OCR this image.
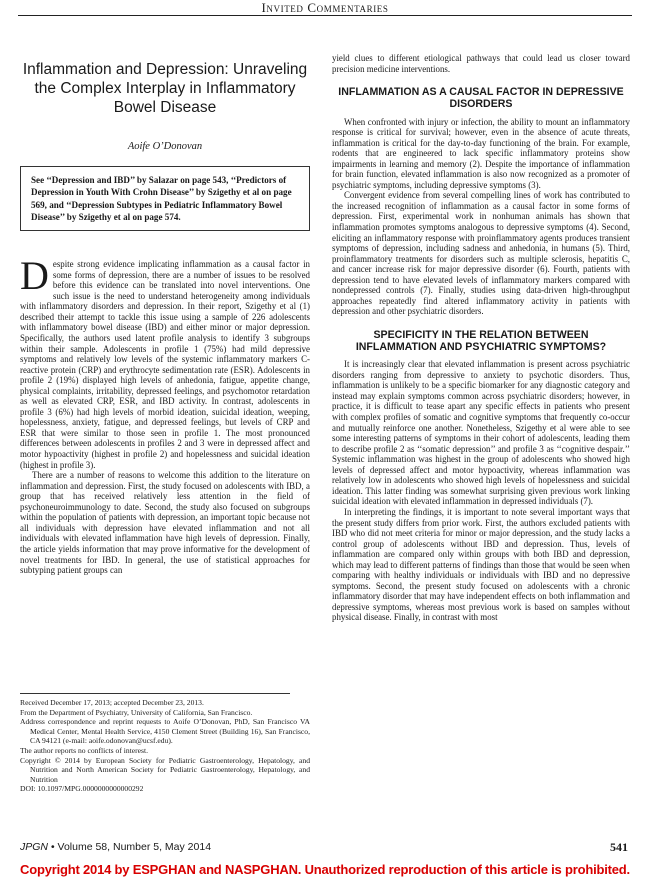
Invited Commentaries
Inflammation and Depression: Unraveling the Complex Interplay in Inflammatory Bowel Disease

Aoife O’Donovan

See ‘‘Depression and IBD’’ by Salazar on page 543, ‘‘Predictors of Depression in Youth With Crohn Disease’’ by Szigethy et al on page 569, and ‘‘Depression Subtypes in Pediatric Inflammatory Bowel Disease’’ by Szigethy et al on page 574.

Despite strong evidence implicating inflammation as a causal factor in some forms of depression, there are a number of issues to be resolved before this evidence can be translated into novel interventions. One such issue is the need to understand heterogeneity among individuals with inflammatory disorders and depression. In their report, Szigethy et al (1) described their attempt to tackle this issue using a sample of 226 adolescents with inflammatory bowel disease (IBD) and either minor or major depression. Specifically, the authors used latent profile analysis to identify 3 subgroups within their sample. Adolescents in profile 1 (75%) had mild depressive symptoms and relatively low levels of the systemic inflammatory markers C-reactive protein (CRP) and erythrocyte sedimentation rate (ESR). Adolescents in profile 2 (19%) displayed high levels of anhedonia, fatigue, appetite change, physical complaints, irritability, depressed feelings, and psychomotor retardation as well as elevated CRP, ESR, and IBD activity. In contrast, adolescents in profile 3 (6%) had high levels of morbid ideation, suicidal ideation, weeping, hopelessness, anxiety, fatigue, and depressed feelings, but levels of CRP and ESR that were similar to those seen in profile 1. The most pronounced differences between adolescents in profiles 2 and 3 were in depressed affect and motor hypoactivity (highest in profile 2) and hopelessness and suicidal ideation (highest in profile 3).

There are a number of reasons to welcome this addition to the literature on inflammation and depression. First, the study focused on adolescents with IBD, a group that has received relatively less attention in the field of psychoneuroimmunology to date. Second, the study also focused on subgroups within the population of patients with depression, an important topic because not all individuals with depression have elevated inflammation and not all individuals with elevated inflammation have high levels of depression. Finally, the article yields information that may prove informative for the development of novel treatments for IBD. In general, the use of statistical approaches for subtyping patient groups can

Received December 17, 2013; accepted December 23, 2013.

From the Department of Psychiatry, University of California, San Francisco.

Address correspondence and reprint requests to Aoife O’Donovan, PhD, San Francisco VA Medical Center, Mental Health Service, 4150 Clement Street (Building 16), San Francisco, CA 94121 (e-mail: aoife.odonovan@ucsf.edu).

The author reports no conflicts of interest.

Copyright © 2014 by European Society for Pediatric Gastroenterology, Hepatology, and Nutrition and North American Society for Pediatric Gastroenterology, Hepatology, and Nutrition

DOI: 10.1097/MPG.0000000000000292

yield clues to different etiological pathways that could lead us closer toward precision medicine interventions.

INFLAMMATION AS A CAUSAL FACTOR IN DEPRESSIVE DISORDERS

When confronted with injury or infection, the ability to mount an inflammatory response is critical for survival; however, even in the absence of acute threats, inflammation is critical for the day-to-day functioning of the brain. For example, rodents that are engineered to lack specific inflammatory proteins show impairments in learning and memory (2). Despite the importance of inflammation for brain function, elevated inflammation is also now recognized as a promoter of psychiatric symptoms, including depressive symptoms (3).

Convergent evidence from several compelling lines of work has contributed to the increased recognition of inflammation as a causal factor in some forms of depression. First, experimental work in nonhuman animals has shown that inflammation promotes symptoms analogous to depressive symptoms (4). Second, eliciting an inflammatory response with proinflammatory agents produces transient symptoms of depression, including sadness and anhedonia, in humans (5). Third, proinflammatory treatments for disorders such as multiple sclerosis, hepatitis C, and cancer increase risk for major depressive disorder (6). Fourth, patients with depression tend to have elevated levels of inflammatory markers compared with nondepressed controls (7). Finally, studies using data-driven high-throughput approaches repeatedly find altered inflammatory activity in patients with depression and other psychiatric disorders.

SPECIFICITY IN THE RELATION BETWEEN INFLAMMATION AND PSYCHIATRIC SYMPTOMS?

It is increasingly clear that elevated inflammation is present across psychiatric disorders ranging from depressive to anxiety to psychotic disorders. Thus, inflammation is unlikely to be a specific biomarker for any diagnostic category and instead may explain symptoms common across psychiatric disorders; however, in practice, it is difficult to tease apart any specific effects in patients who present with complex profiles of somatic and cognitive symptoms that frequently co-occur and mutually reinforce one another. Nonetheless, Szigethy et al were able to see some interesting patterns of symptoms in their cohort of adolescents, leading them to describe profile 2 as ‘‘somatic depression’’ and profile 3 as ‘‘cognitive despair.’’ Systemic inflammation was highest in the group of adolescents who showed high levels of depressed affect and motor hypoactivity, whereas inflammation was relatively low in adolescents who showed high levels of hopelessness and suicidal ideation. This latter finding was somewhat surprising given previous work linking suicidal ideation with elevated inflammation in depressed individuals (7).

In interpreting the findings, it is important to note several important ways that the present study differs from prior work. First, the authors excluded patients with IBD who did not meet criteria for minor or major depression, and the study lacks a control group of adolescents without IBD and depression. Thus, levels of inflammation are compared only within groups with both IBD and depression, which may lead to different patterns of findings than those that would be seen when comparing with healthy individuals or individuals with IBD and no depressive symptoms. Second, the present study focused on adolescents with a chronic inflammatory disorder that may have independent effects on both inflammation and depressive symptoms, whereas most previous work is based on samples without physical disease. Finally, in contrast with most

JPGN • Volume 58, Number 5, May 2014	541
Copyright 2014 by ESPGHAN and NASPGHAN. Unauthorized reproduction of this article is prohibited.
